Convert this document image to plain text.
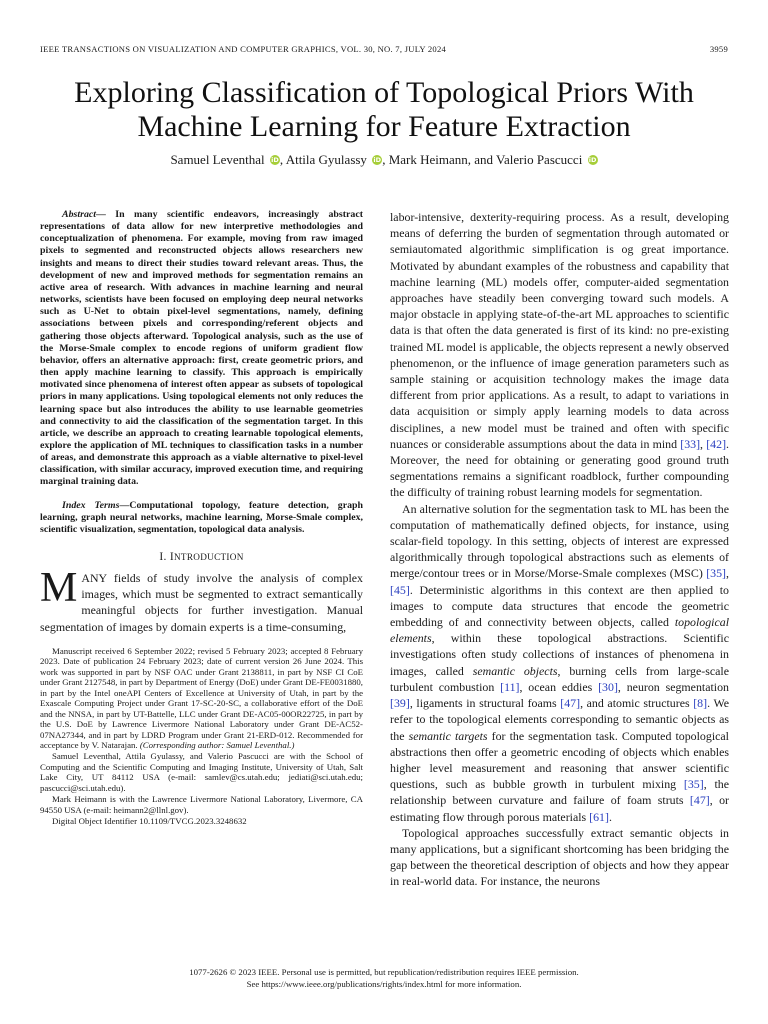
IEEE TRANSACTIONS ON VISUALIZATION AND COMPUTER GRAPHICS, VOL. 30, NO. 7, JULY 2024	3959
Exploring Classification of Topological Priors With
Machine Learning for Feature Extraction
Samuel Leventhal iD, Attila Gyulassy iD, Mark Heimann, and Valerio Pascucci iD

Abstract— In many scientific endeavors, increasingly abstract representations of data allow for new interpretive methodologies and conceptualization of phenomena. For example, moving from raw imaged pixels to segmented and reconstructed objects allows researchers new insights and means to direct their studies toward relevant areas. Thus, the development of new and improved methods for segmentation remains an active area of research. With advances in machine learning and neural networks, scientists have been focused on employing deep neural networks such as U-Net to obtain pixel-level segmentations, namely, defining associations between pixels and corresponding/referent objects and gathering those objects afterward. Topological analysis, such as the use of the Morse-Smale complex to encode regions of uniform gradient flow behavior, offers an alternative approach: first, create geometric priors, and then apply machine learning to classify. This approach is empirically motivated since phenomena of interest often appear as subsets of topological priors in many applications. Using topological elements not only reduces the learning space but also introduces the ability to use learnable geometries and connectivity to aid the classification of the segmentation target. In this article, we describe an approach to creating learnable topological elements, explore the application of ML techniques to classification tasks in a number of areas, and demonstrate this approach as a viable alternative to pixel-level classification, with similar accuracy, improved execution time, and requiring marginal training data.

Index Terms—Computational topology, feature detection, graph learning, graph neural networks, machine learning, Morse-Smale complex, scientific visualization, segmentation, topological data analysis.

I. INTRODUCTION

MANY fields of study involve the analysis of complex images, which must be segmented to extract semantically meaningful objects for further investigation. Manual segmentation of images by domain experts is a time-consuming,

Manuscript received 6 September 2022; revised 5 February 2023; accepted 8 February 2023. Date of publication 24 February 2023; date of current version 26 June 2024. This work was supported in part by NSF OAC under Grant 2138811, in part by NSF CI CoE under Grant 2127548, in part by Department of Energy (DoE) under Grant DE-FE0031880, in part by the Intel oneAPI Centers of Excellence at University of Utah, in part by the Exascale Computing Project under Grant 17-SC-20-SC, a collaborative effort of the DoE and the NNSA, in part by UT-Battelle, LLC under Grant DE-AC05-00OR22725, in part by the U.S. DoE by Lawrence Livermore National Laboratory under Grant DE-AC52-07NA27344, and in part by LDRD Program under Grant 21-ERD-012. Recommended for acceptance by V. Natarajan. (Corresponding author: Samuel Leventhal.)

Samuel Leventhal, Attila Gyulassy, and Valerio Pascucci are with the School of Computing and the Scientific Computing and Imaging Institute, University of Utah, Salt Lake City, UT 84112 USA (e-mail: samlev@cs.utah.edu; jediati@sci.utah.edu; pascucci@sci.utah.edu).

Mark Heimann is with the Lawrence Livermore National Laboratory, Livermore, CA 94550 USA (e-mail: heimann2@llnl.gov).

Digital Object Identifier 10.1109/TVCG.2023.3248632

labor-intensive, dexterity-requiring process. As a result, developing means of deferring the burden of segmentation through automated or semiautomated algorithmic simplification is og great importance. Motivated by abundant examples of the robustness and capability that machine learning (ML) models offer, computer-aided segmentation approaches have steadily been converging toward such models. A major obstacle in applying state-of-the-art ML approaches to scientific data is that often the data generated is first of its kind: no pre-existing trained ML model is applicable, the objects represent a newly observed phenomenon, or the influence of image generation parameters such as sample staining or acquisition technology makes the image data different from prior applications. As a result, to adapt to variations in data acquisition or simply apply learning models to data across disciplines, a new model must be trained and often with specific nuances or considerable assumptions about the data in mind [33], [42]. Moreover, the need for obtaining or generating good ground truth segmentations remains a significant roadblock, further compounding the difficulty of training robust learning models for segmentation.

An alternative solution for the segmentation task to ML has been the computation of mathematically defined objects, for instance, using scalar-field topology. In this setting, objects of interest are expressed algorithmically through topological abstractions such as elements of merge/contour trees or in Morse/Morse-Smale complexes (MSC) [35], [45]. Deterministic algorithms in this context are then applied to images to compute data structures that encode the geometric embedding of and connectivity between objects, called topological elements, within these topological abstractions. Scientific investigations often study collections of instances of phenomena in images, called semantic objects, burning cells from large-scale turbulent combustion [11], ocean eddies [30], neuron segmentation [39], ligaments in structural foams [47], and atomic structures [8]. We refer to the topological elements corresponding to semantic objects as the semantic targets for the segmentation task. Computed topological abstractions then offer a geometric encoding of objects which enables higher level measurement and reasoning that answer scientific questions, such as bubble growth in turbulent mixing [35], the relationship between curvature and failure of foam struts [47], or estimating flow through porous materials [61].

Topological approaches successfully extract semantic objects in many applications, but a significant shortcoming has been bridging the gap between the theoretical description of objects and how they appear in real-world data. For instance, the neurons

1077-2626 © 2023 IEEE. Personal use is permitted, but republication/redistribution requires IEEE permission.
See https://www.ieee.org/publications/rights/index.html for more information.
